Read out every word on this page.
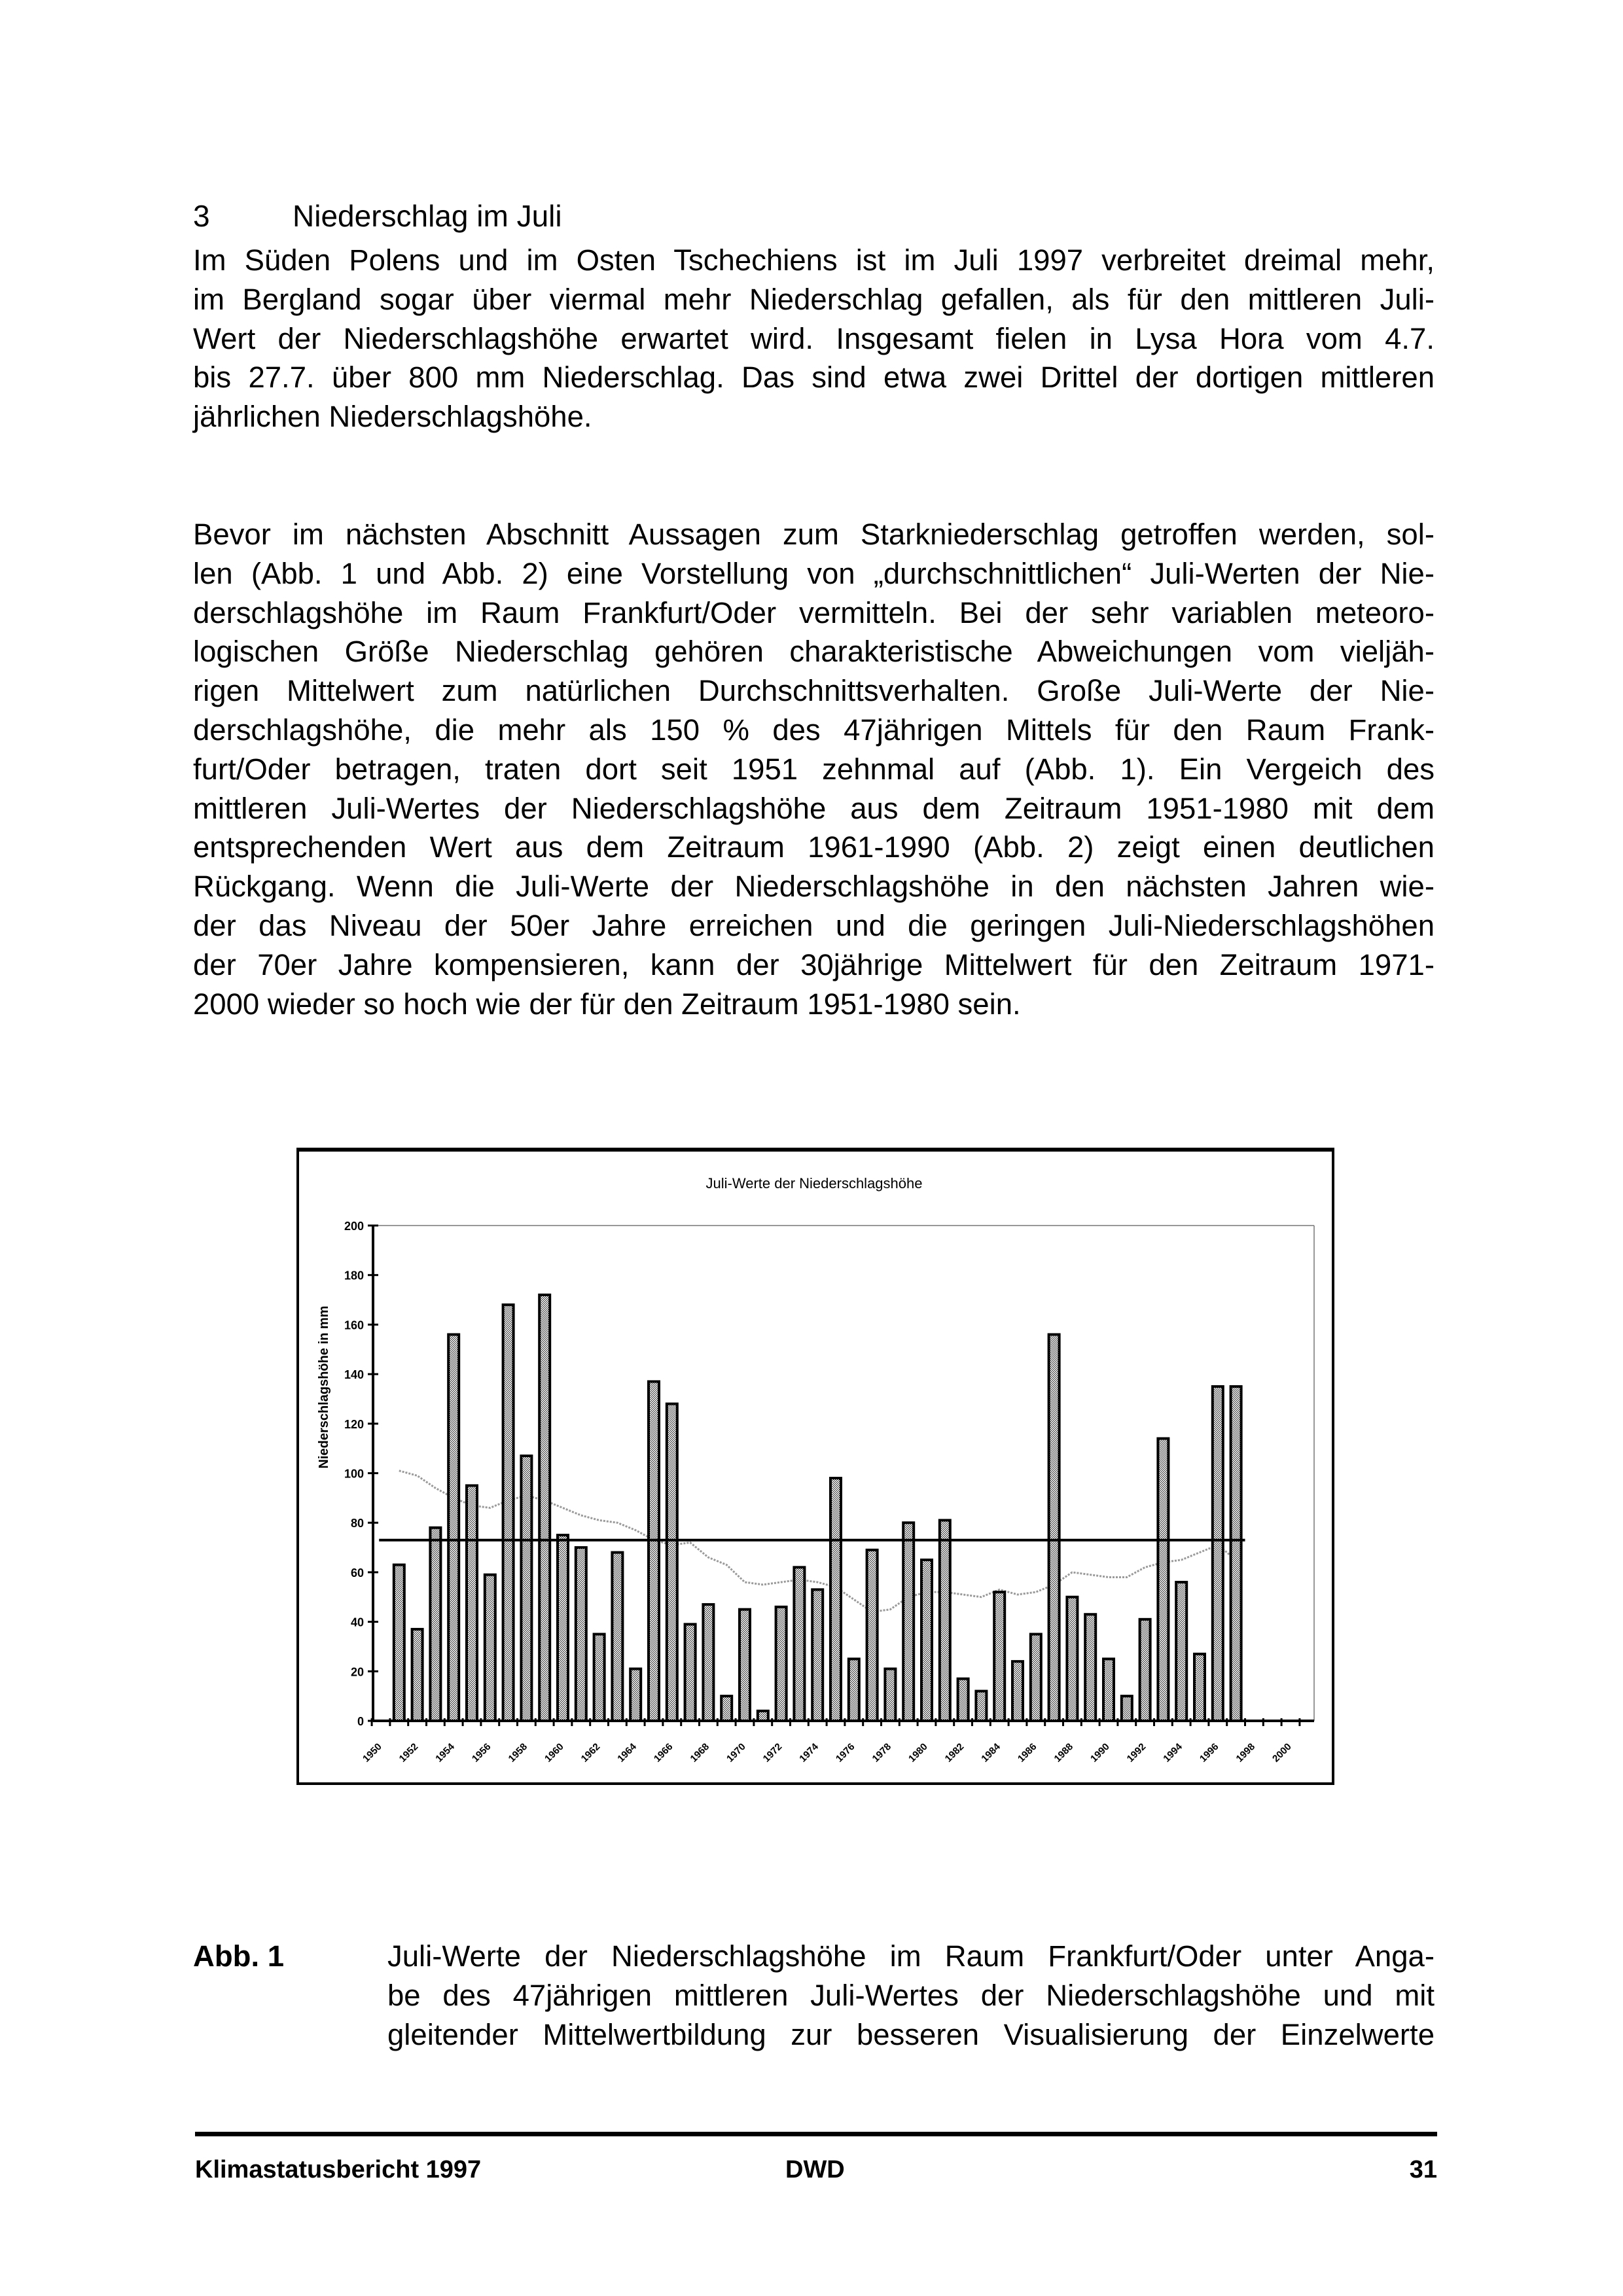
3	Niederschlag im Juli
Im Süden Polens und im Osten Tschechiens ist im Juli 1997 verbreitet dreimal mehr,
im Bergland sogar über viermal mehr Niederschlag gefallen, als für den mittleren Juli-
Wert der Niederschlagshöhe erwartet wird. Insgesamt fielen in Lysa Hora vom 4.7.
bis 27.7. über 800 mm Niederschlag. Das sind etwa zwei Drittel der dortigen mittleren
jährlichen Niederschlagshöhe.
Bevor im nächsten Abschnitt Aussagen zum Starkniederschlag getroffen werden, sol-
len (Abb. 1 und Abb. 2) eine Vorstellung von „durchschnittlichen“ Juli-Werten der Nie-
derschlagshöhe im Raum Frankfurt/Oder vermitteln. Bei der sehr variablen meteoro-
logischen Größe Niederschlag gehören charakteristische Abweichungen vom vieljäh-
rigen Mittelwert zum natürlichen Durchschnittsverhalten. Große Juli-Werte der Nie-
derschlagshöhe, die mehr als 150 % des 47jährigen Mittels für den Raum Frank-
furt/Oder betragen, traten dort seit 1951 zehnmal auf (Abb. 1). Ein Vergeich des
mittleren Juli-Wertes der Niederschlagshöhe aus dem Zeitraum 1951-1980 mit dem
entsprechenden Wert aus dem Zeitraum 1961-1990 (Abb. 2) zeigt einen deutlichen
Rückgang. Wenn die Juli-Werte der Niederschlagshöhe in den nächsten Jahren wie-
der das Niveau der 50er Jahre erreichen und die geringen Juli-Niederschlagshöhen
der 70er Jahre kompensieren, kann der 30jährige Mittelwert für den Zeitraum 1971-
2000 wieder so hoch wie der für den Zeitraum 1951-1980 sein.
Juli-Werte der Niederschlagshöhe
Niederschlagshöhe in mm
0
20
40
60
80
100
120
140
160
180
200
1950 1952 1954 1956 1958 1960 1962 1964 1966 1968 1970 1972 1974 1976 1978 1980 1982 1984 1986 1988 1990 1992 1994 1996 1998 2000
Abb. 1	Juli-Werte der Niederschlagshöhe im Raum Frankfurt/Oder unter Anga-
be des 47jährigen mittleren Juli-Wertes der Niederschlagshöhe und mit
gleitender Mittelwertbildung zur besseren Visualisierung der Einzelwerte
Klimastatusbericht 1997	DWD	31
